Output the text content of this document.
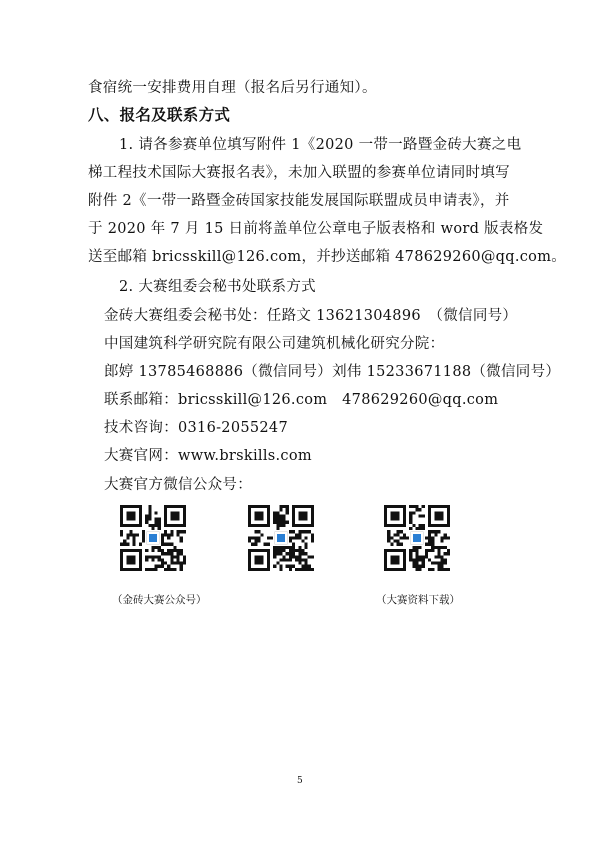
食宿统一安排费用自理（报名后另行通知）。
八、报名及联系方式
1. 请各参赛单位填写附件 1《2020 一带一路暨金砖大赛之电
梯工程技术国际大赛报名表》，未加入联盟的参赛单位请同时填写
附件 2《一带一路暨金砖国家技能发展国际联盟成员申请表》，并
于 2020 年 7 月 15 日前将盖单位公章电子版表格和 word 版表格发
送至邮箱 bricsskill@126.com，并抄送邮箱 478629260@qq.com。
2. 大赛组委会秘书处联系方式
金砖大赛组委会秘书处：任路文 13621304896　（微信同号）
中国建筑科学研究院有限公司建筑机械化研究分院：
郎婷 13785468886（微信同号）刘伟 15233671188（微信同号）
联系邮箱：bricsskill@126.com　478629260@qq.com
技术咨询：0316-2055247
大赛官网：www.brskills.com
大赛官方微信公众号：
（金砖大赛公众号）	（大赛资料下载）
5
